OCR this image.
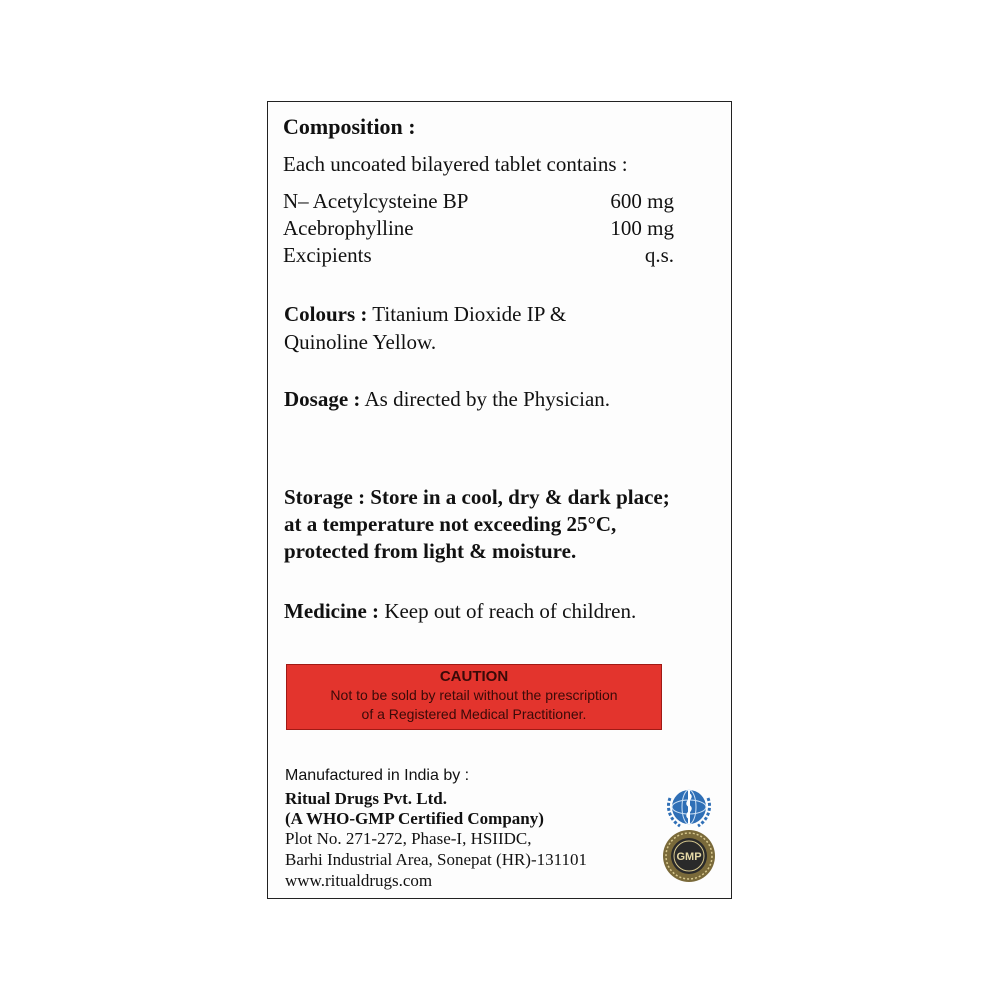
Composition :
Each uncoated bilayered tablet contains :
N– Acetylcysteine BP	600 mg
Acebrophylline	100 mg
Excipients	q.s.
Colours : Titanium Dioxide IP &
Quinoline Yellow.
Dosage : As directed by the Physician.
Storage : Store in a cool, dry & dark place;
at a temperature not exceeding 25°C,
protected from light & moisture.
Medicine : Keep out of reach of children.
CAUTION
Not to be sold by retail without the prescription
of a Registered Medical Practitioner.
Manufactured in India by :
Ritual Drugs Pvt. Ltd.
(A WHO-GMP Certified Company)
Plot No. 271-272, Phase-I, HSIIDC,
Barhi Industrial Area, Sonepat (HR)-131101
www.ritualdrugs.com
GMP
